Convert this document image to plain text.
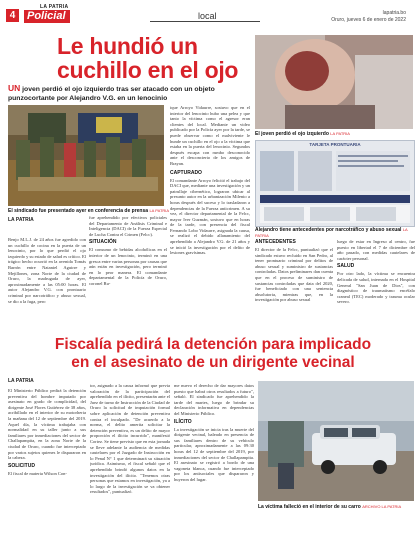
4
LA PATRIA
Policial	local	lapatria.bo
Oruro, jueves 6 de enero de 2022
Le hundió un
cuchillo en el ojo
UN joven perdió el ojo izquierdo tras ser atacado con un objeto punzocortante por Alejandro V.G. en un lenocinio
El sindicado fue presentado ayer en conferencia de prensa LA PATRIA
El joven perdió el ojo izquierdo LA PATRIA
TARJETA PRONTUARIA
Alejandro tiene antecedentes por narcotráfico y abuso sexual LA PATRIA
LA PATRIA
Benjo M.L.J. de 24 años fue agredido con un cuchillo de cocina en la puerta de un lenocinio, por lo que perdió el ojo izquierdo y su estado de salud es crítico. El trágico hecho ocurrió en la avenida Tomás Barrón entre Nataniel Aguirre y Mejillones, zona Norte de la ciudad de Oruro, la madrugada de ayer, aproximadamente a las 05:00 horas. El autor Alejandro V.G. con prontuario criminal por narcotráfico y abuso sexual, se dio a la fuga, pero
fue aprehendido por efectivos policiales del Departamento de Análisis Criminal e Inteligencia (DACI) de la Fuerza Especial de Lucha Contra el Crimen (Felcc).
SITUACIÓN
El consumo de bebidas alcohólicas en el interior de un lenocinio, terminó en una gresca entre varias personas por causas que aún están en investigación, pero terminó en lo peor manera. El comandante departamental de la Policía de Oruro, coronel Ru-
ique Arroyo Vidaurre, sostuvo que en el interior del lenocinio hubo una pelea y que tanto la víctima como el agresor eran clientes del local. Mediante un video publicado por la Policía ayer por la tarde, se puede observar como el malviviente le hunde un cuchillo en el ojo a la víctima que estaba en la puerta del lenocinio. Segundos después escapa con rumbo desconocido ante el desconcierto de los amigos de Brayan.
CAPTURADO
El comandante Arroyo felicitó el trabajo del DACI que, mediante una investigación y un patrullaje cibernético, lograron ubicar al presunto autor en la urbanización Milenio a horas después del suceso y lo trasladaron a dependencias de la Fuerza anticrimen. A su vez, el director departamental de la Felcc, mayor Iver Guzmán, sostuvo que en horas de la tarde, con presencia del fiscal Fernando Lobo Vidaurre, asignada la causa, se realizó el debido allanamiento del aprehendido a Alejandro V.G. de 21 años y se inició la investigación por el delito de lesiones gravísimas.
ANTECEDENTES
El director de la Felcc, puntualizó que el sindicado estuvo recluido en San Pedro, al tener prontuario criminal por delitos de abuso sexual y suministro de sustancias controladas. Datos preliminares dan cuenta que en el proceso de suministro de sustancias controladas que data del 2020, fue beneficiado con una sentencia absolutoria, mientras que, en la investigación por abuso sexual
luego de estar en Ingreso al centro, fue puesto en libertad el 7 de diciembre del año pasado, con medidas cautelares de carácter personal.
SALUD
Por otro lado, la víctima se encuentra delicada de salud, internada en el Hospital General "San Juan de Dios", con diagnóstico de traumatismo encéfalo craneal (TEC) moderado y trauma ocular severo.
Fiscalía pedirá la detención para implicado
en el asesinato de un dirigente vecinal
LA PATRIA
El Ministerio Público pedirá la detención preventiva del hombre imputado por asesinato en grado de complicidad, del dirigente José Flores Gutiérrez de 38 años, acribillado en el interior de su motorheria la mañana del 12 de septiembre del 2019. Aquel día, la víctima trabajaba con normalidad en su taller junto a sus familiares por inmediaciones del sector de Challapampita, en la zona Norte de la ciudad de Oruro, cuando fue interceptado por varios sujetos quienes le dispararon en la cabeza.
SOLICITUD
El fiscal de materia Wilson Con-
tor, asignado a la causa informó que previa valoración de la participación del aprehendido en el ilícito, presentarán ante el Juez de turno de Instrucción de la Ciudad de Oruro la solicitud de imputación formal sobre aplicación de detención preventiva contra el inculpado. "De acuerdo a la norma, el delito amerita solicitar la detención preventiva, es un delito de mayor proporción el ilícito incurrido", manifestó Cortez. Se tiene previsto que en esta jornada se lleve adelante la audiencia de medidas cautelares por el Juzgado de Instrucción en lo Penal N° 1 que determinará su situación jurídica. Asimismo, el fiscal señaló que el aprehendido brindó algunos datos en la investigación del ilícito. "Tenemos otras personas que estamos en investigación, ya a lo largo de la investigación se va obtener resultados", puntualizó.
me nuevo el derecho de dar mayores datos puesto que habrá otros resultados a futuro", señaló. El sindicado fue aprehendido la tarde del martes, luego de brindar su declaración informativa en dependencias del Ministerio Público.
ILÍCITO
La investigación se inicia tras la muerte del dirigente vecinal, baleado en presencia de sus familiares dentro de su vehículo particular, aproximadamente a las 09:30 horas del 12 de septiembre del 2019, por inmediaciones del sector de Challapampita. El asesinato se registró a bordo de una vagoneta blanca, cuando fue interceptado por los antisociales que dispararon y huyeron del lugar.
La víctima falleció en el interior de su carro ARCHIVO LA PATRIA
